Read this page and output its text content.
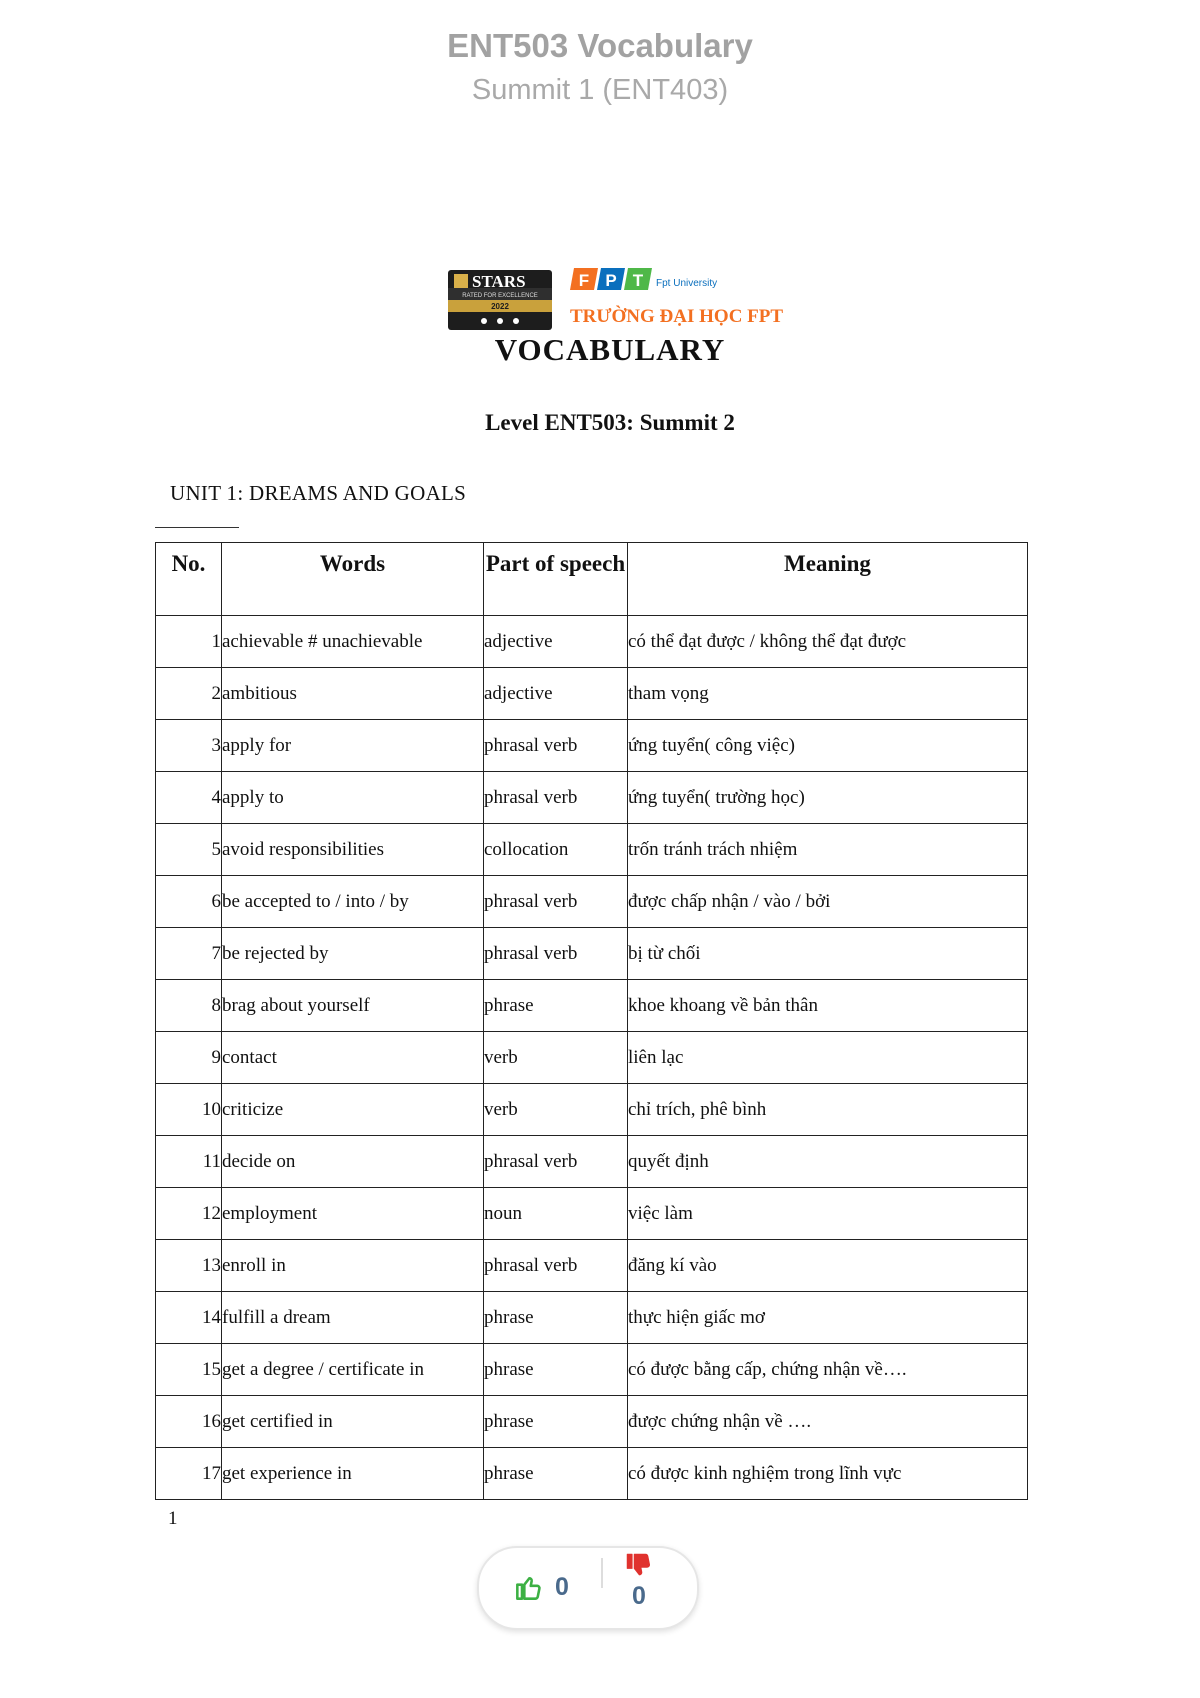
ENT503 Vocabulary
Summit 1 (ENT403)
STARS
RATED FOR EXCELLENCE
2022
F P T Fpt University
TRƯỜNG ĐẠI HỌC FPT
VOCABULARY
Level ENT503: Summit 2
UNIT 1: DREAMS AND GOALS
No.	Words	Part of speech	Meaning
1	achievable # unachievable	adjective	có thể đạt được / không thể đạt được
2	ambitious	adjective	tham vọng
3	apply for	phrasal verb	ứng tuyển( công việc)
4	apply to	phrasal verb	ứng tuyển( trường học)
5	avoid responsibilities	collocation	trốn tránh trách nhiệm
6	be accepted to / into / by	phrasal verb	được chấp nhận / vào / bởi
7	be rejected by	phrasal verb	bị từ chối
8	brag about yourself	phrase	khoe khoang về bản thân
9	contact	verb	liên lạc
10	criticize	verb	chỉ trích, phê bình
11	decide on	phrasal verb	quyết định
12	employment	noun	việc làm
13	enroll in	phrasal verb	đăng kí vào
14	fulfill a dream	phrase	thực hiện giấc mơ
15	get a degree / certificate in	phrase	có được bằng cấp, chứng nhận về….
16	get certified in	phrase	được chứng nhận về ….
17	get experience in	phrase	có được kinh nghiệm trong lĩnh vực
1
0	0
